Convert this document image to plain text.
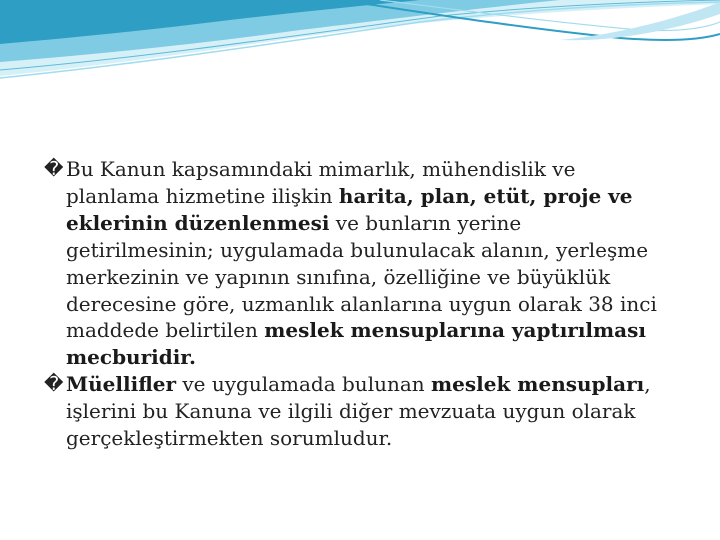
� Bu Kanun kapsamındaki mimarlık, mühendislik ve planlama hizmetine ilişkin harita, plan, etüt, proje ve eklerinin düzenlenmesi ve bunların yerine getirilmesinin; uygulamada bulunulacak alanın, yerleşme merkezinin ve yapının sınıfına, özelliğine ve büyüklük derecesine göre, uzmanlık alanlarına uygun olarak 38 inci maddede belirtilen meslek mensuplarına yaptırılması mecburidir.

� Müellifler ve uygulamada bulunan meslek mensupları, işlerini bu Kanuna ve ilgili diğer mevzuata uygun olarak gerçekleştirmekten sorumludur.
